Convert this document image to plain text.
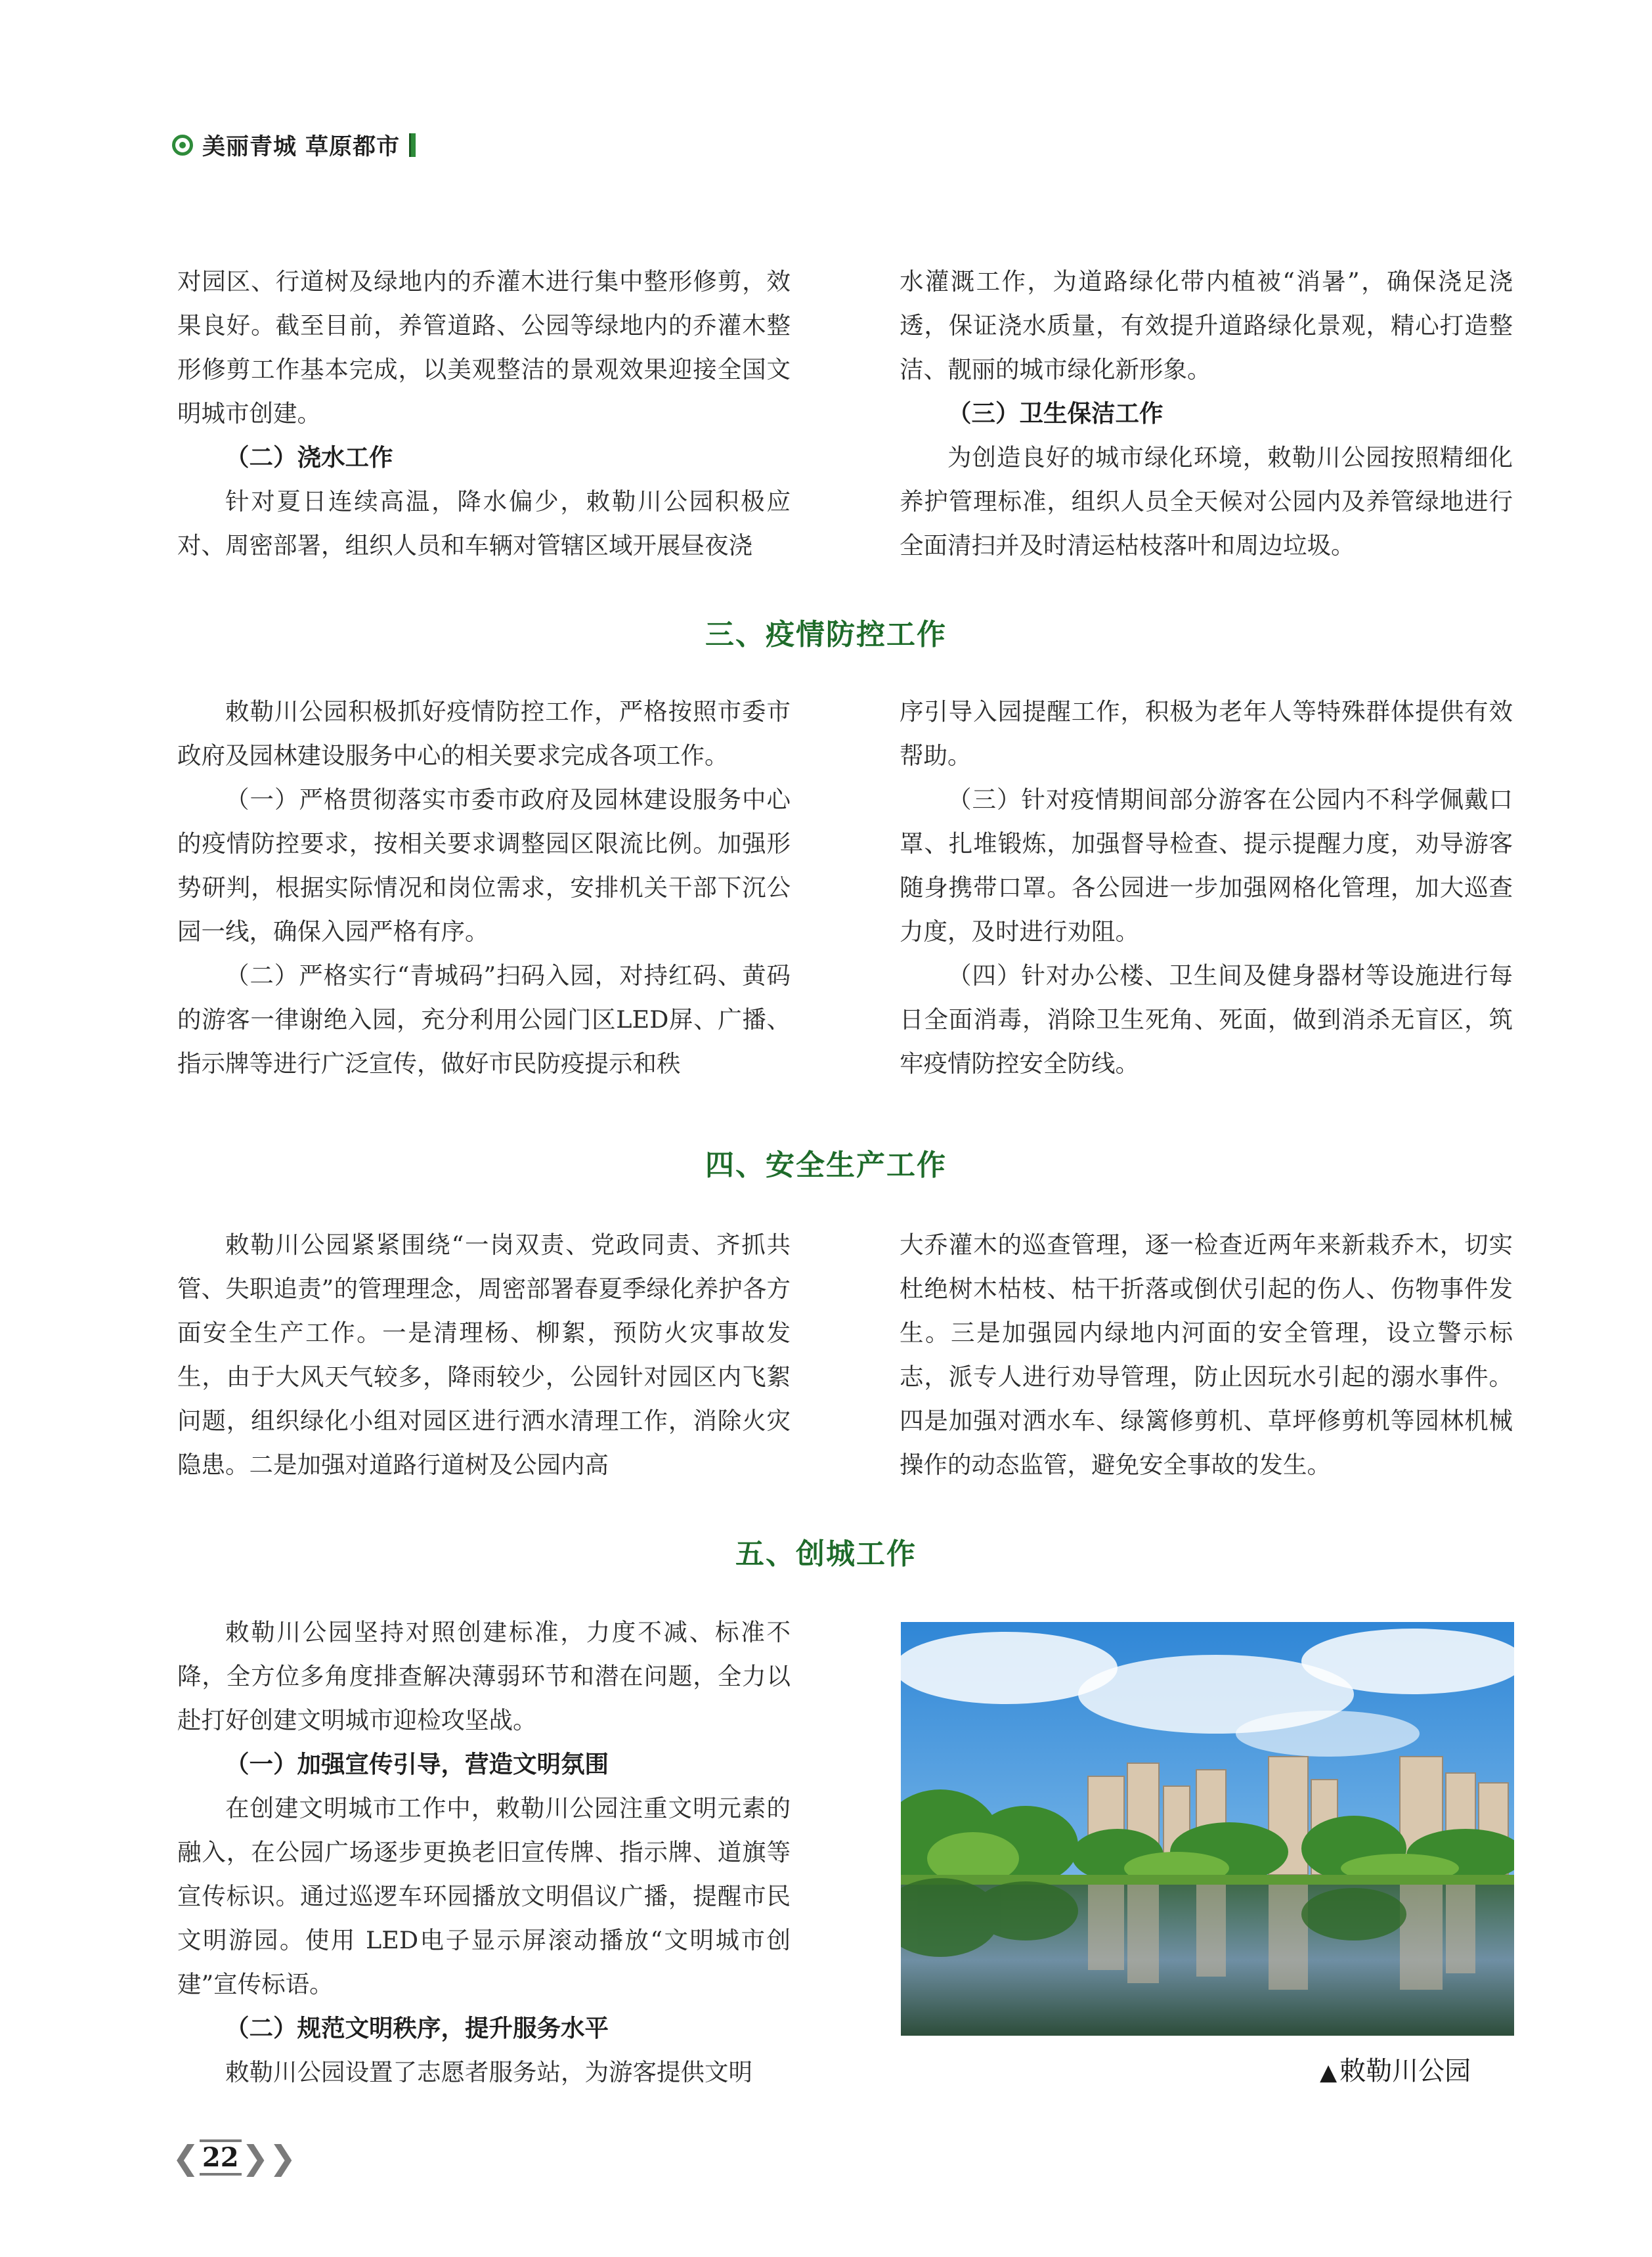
美丽青城 草原都市

对园区、行道树及绿地内的乔灌木进行集中整形修剪，效果良好。截至目前，养管道路、公园等绿地内的乔灌木整形修剪工作基本完成，以美观整洁的景观效果迎接全国文明城市创建。

（二）浇水工作

针对夏日连续高温，降水偏少，敕勒川公园积极应对、周密部署，组织人员和车辆对管辖区域开展昼夜浇

水灌溉工作，为道路绿化带内植被“消暑”，确保浇足浇透，保证浇水质量，有效提升道路绿化景观，精心打造整洁、靓丽的城市绿化新形象。

（三）卫生保洁工作

为创造良好的城市绿化环境，敕勒川公园按照精细化养护管理标准，组织人员全天候对公园内及养管绿地进行全面清扫并及时清运枯枝落叶和周边垃圾。

三、疫情防控工作

敕勒川公园积极抓好疫情防控工作，严格按照市委市政府及园林建设服务中心的相关要求完成各项工作。

（一）严格贯彻落实市委市政府及园林建设服务中心的疫情防控要求，按相关要求调整园区限流比例。加强形势研判，根据实际情况和岗位需求，安排机关干部下沉公园一线，确保入园严格有序。

（二）严格实行“青城码”扫码入园，对持红码、黄码的游客一律谢绝入园，充分利用公园门区LED屏、广播、指示牌等进行广泛宣传，做好市民防疫提示和秩

序引导入园提醒工作，积极为老年人等特殊群体提供有效帮助。

（三）针对疫情期间部分游客在公园内不科学佩戴口罩、扎堆锻炼，加强督导检查、提示提醒力度，劝导游客随身携带口罩。各公园进一步加强网格化管理，加大巡查力度，及时进行劝阻。

（四）针对办公楼、卫生间及健身器材等设施进行每日全面消毒，消除卫生死角、死面，做到消杀无盲区，筑牢疫情防控安全防线。

四、安全生产工作

敕勒川公园紧紧围绕“一岗双责、党政同责、齐抓共管、失职追责”的管理理念，周密部署春夏季绿化养护各方面安全生产工作。一是清理杨、柳絮，预防火灾事故发生，由于大风天气较多，降雨较少，公园针对园区内飞絮问题，组织绿化小组对园区进行洒水清理工作，消除火灾隐患。二是加强对道路行道树及公园内高

大乔灌木的巡查管理，逐一检查近两年来新栽乔木，切实杜绝树木枯枝、枯干折落或倒伏引起的伤人、伤物事件发生。三是加强园内绿地内河面的安全管理，设立警示标志，派专人进行劝导管理，防止因玩水引起的溺水事件。四是加强对洒水车、绿篱修剪机、草坪修剪机等园林机械操作的动态监管，避免安全事故的发生。

五、创城工作

敕勒川公园坚持对照创建标准，力度不减、标准不降，全方位多角度排查解决薄弱环节和潜在问题，全力以赴打好创建文明城市迎检攻坚战。

（一）加强宣传引导，营造文明氛围

在创建文明城市工作中，敕勒川公园注重文明元素的融入，在公园广场逐步更换老旧宣传牌、指示牌、道旗等宣传标识。通过巡逻车环园播放文明倡议广播，提醒市民文明游园。使用 LED电子显示屏滚动播放“文明城市创建”宣传标语。

（二）规范文明秩序，提升服务水平

敕勒川公园设置了志愿者服务站，为游客提供文明	▲ 敕勒川公园
❮ 22 ❯❯
